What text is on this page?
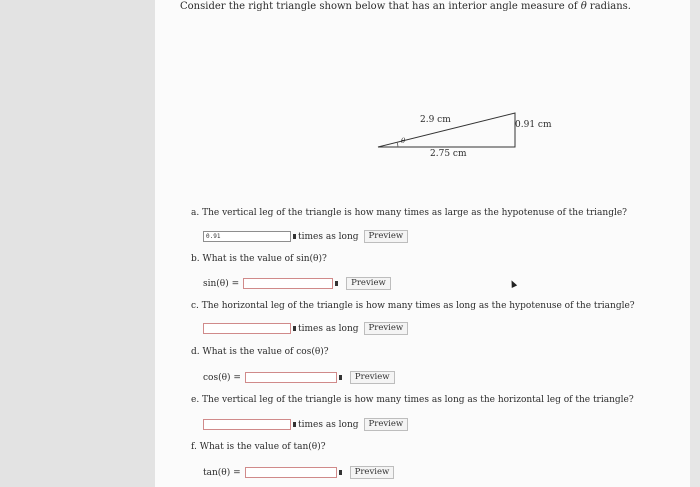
Consider the right triangle shown below that has an interior angle measure of θ radians.
2.9 cm	0.91 cm
2.75 cm
θ
a. The vertical leg of the triangle is how many times as large as the hypotenuse of the triangle?
0.91
times as long	Preview
b. What is the value of sin(θ)?
sin(θ) =	Preview
c. The horizontal leg of the triangle is how many times as long as the hypotenuse of the triangle?
times as long	Preview
d. What is the value of cos(θ)?
cos(θ) =	Preview
e. The vertical leg of the triangle is how many times as long as the horizontal leg of the triangle?
times as long	Preview
f. What is the value of tan(θ)?
tan(θ) =	Preview
